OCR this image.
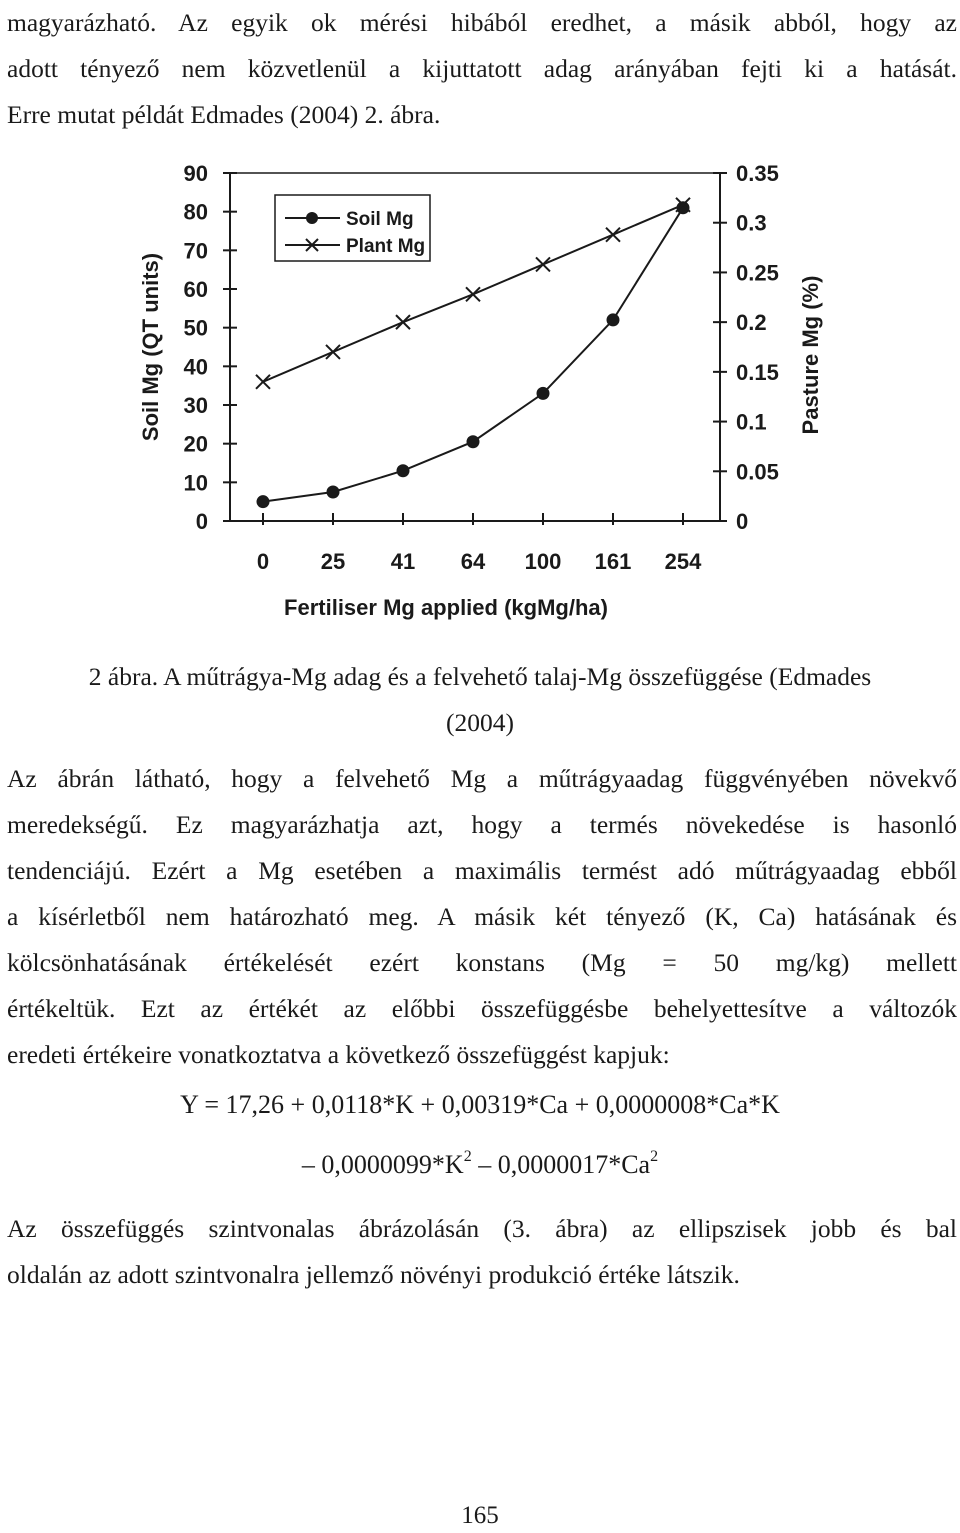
magyarázható. Az egyik ok mérési hibából eredhet, a másik abból, hogy az
adott tényező nem közvetlenül a kijuttatott adag arányában fejti ki a hatását.
Erre mutat példát Edmades (2004) 2. ábra.

0
10
20
30
40
50
60
70
80
90
0
0.05
0.1
0.15
0.2
0.25
0.3
0.35
0 25 41 64 100 161 254
Fertiliser Mg applied (kgMg/ha)
Soil Mg (QT units)	Pasture Mg (%)
Soil Mg
Plant Mg

2 ábra. A műtrágya-Mg adag és a felvehető talaj-Mg összefüggése (Edmades
(2004)

Az ábrán látható, hogy a felvehető Mg a műtrágyaadag függvényében növekvő
meredekségű. Ez magyarázhatja azt, hogy a termés növekedése is hasonló
tendenciájú. Ezért a Mg esetében a maximális termést adó műtrágyaadag ebből
a kísérletből nem határozható meg. A másik két tényező (K, Ca) hatásának és
kölcsönhatásának értékelését ezért konstans (Mg = 50 mg/kg) mellett
értékeltük. Ezt az értékét az előbbi összefüggésbe behelyettesítve a változók
eredeti értékeire vonatkoztatva a következő összefüggést kapjuk:

Y = 17,26 + 0,0118*K + 0,00319*Ca + 0,0000008*Ca*K

– $0,0000099*K^2 - 0,0000017*Ca^2$

Az összefüggés szintvonalas ábrázolásán (3. ábra) az ellipszisek jobb és bal
oldalán az adott szintvonalra jellemző növényi produkció értéke látszik.

165
